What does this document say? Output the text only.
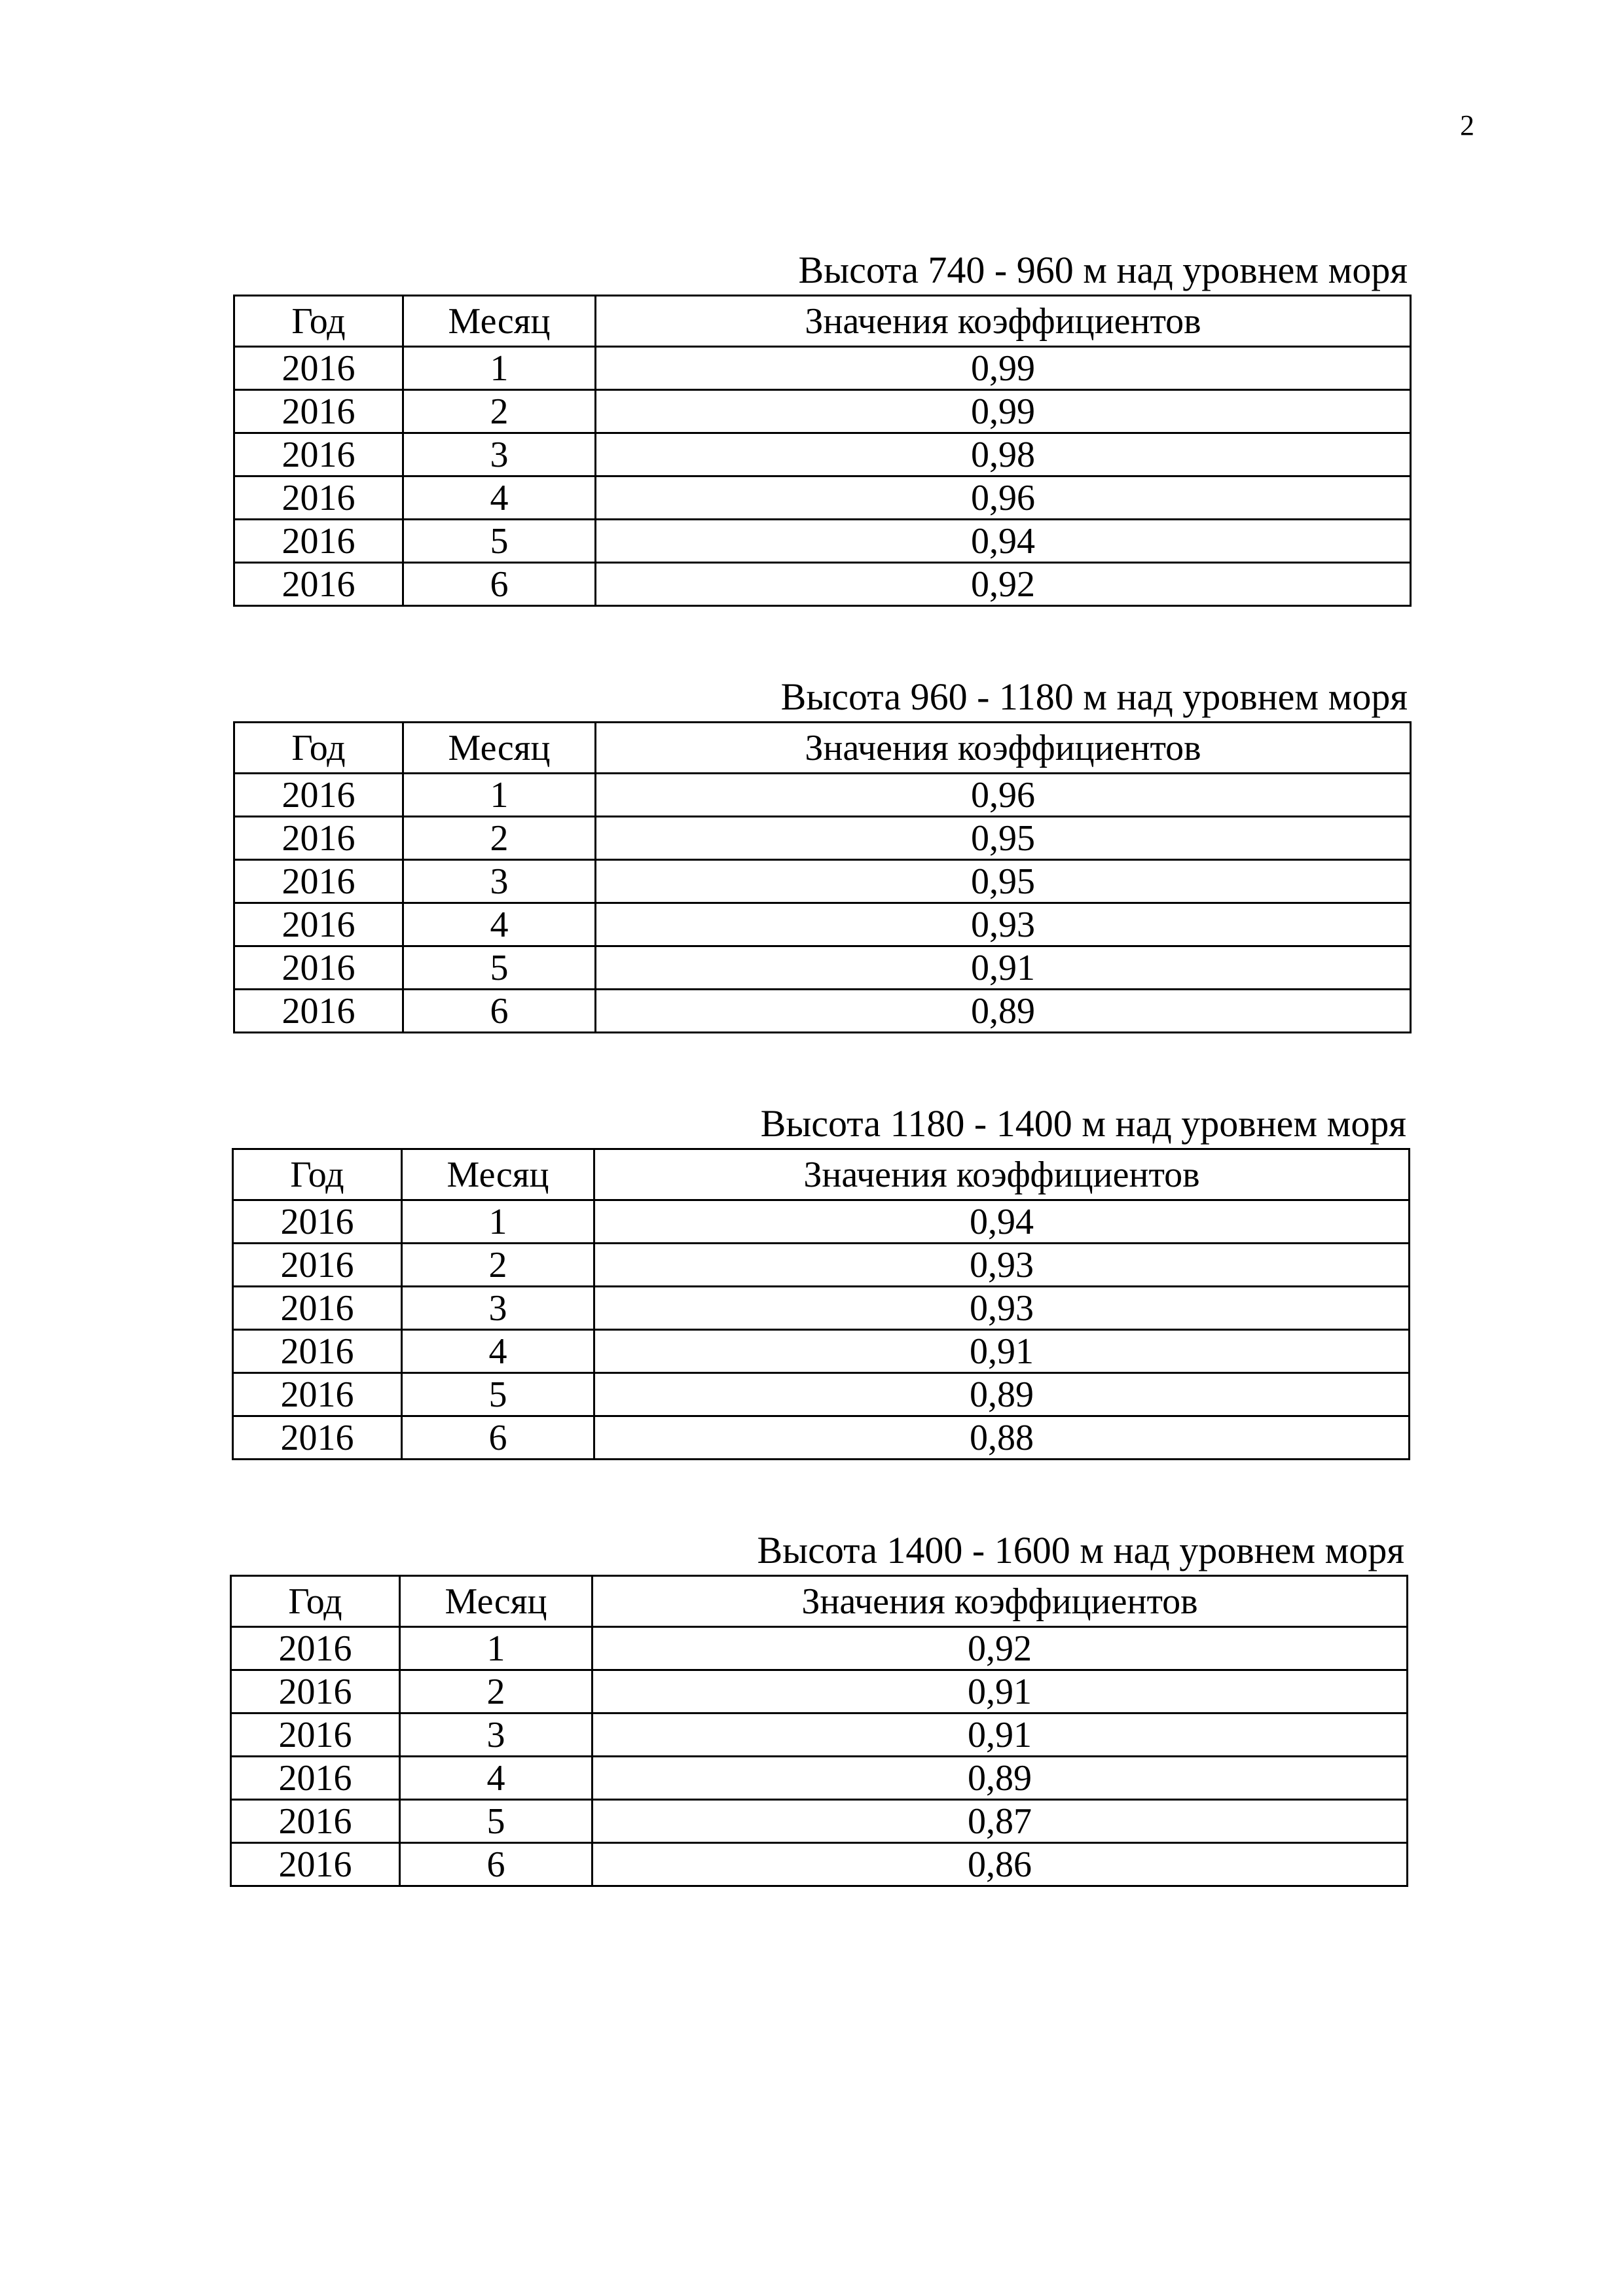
2
Высота 740 - 960 м над уровнем моря
Год	Месяц	Значения коэффициентов
2016	1	0,99
2016	2	0,99
2016	3	0,98
2016	4	0,96
2016	5	0,94
2016	6	0,92
Высота 960 - 1180 м над уровнем моря
Год	Месяц	Значения коэффициентов
2016	1	0,96
2016	2	0,95
2016	3	0,95
2016	4	0,93
2016	5	0,91
2016	6	0,89
Высота 1180 - 1400 м над уровнем моря
Год	Месяц	Значения коэффициентов
2016	1	0,94
2016	2	0,93
2016	3	0,93
2016	4	0,91
2016	5	0,89
2016	6	0,88
Высота 1400 - 1600 м над уровнем моря
Год	Месяц	Значения коэффициентов
2016	1	0,92
2016	2	0,91
2016	3	0,91
2016	4	0,89
2016	5	0,87
2016	6	0,86
